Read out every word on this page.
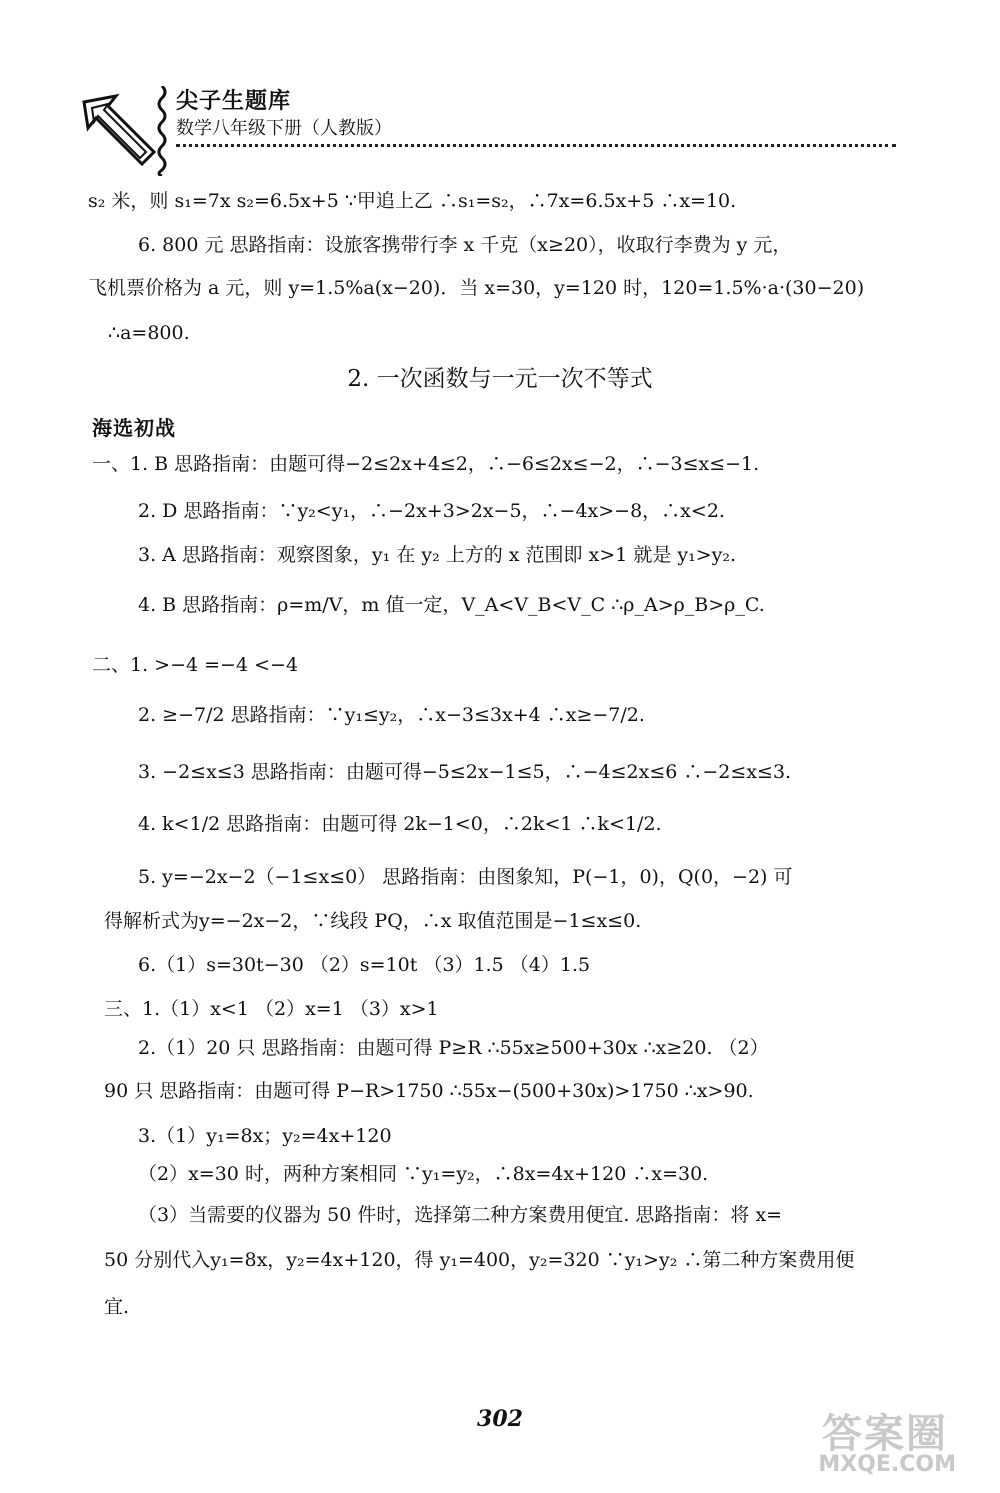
尖子生题库
数学八年级下册（人教版）
s₂ 米，则 s₁=7x s₂=6.5x+5 ∵甲追上乙 ∴s₁=s₂，∴7x=6.5x+5 ∴x=10.
6. 800 元 思路指南：设旅客携带行李 x 千克（x≥20），收取行李费为 y 元，
飞机票价格为 a 元，则 y=1.5%a(x−20)．当 x=30，y=120 时，120=1.5%·a·(30−20)
∴a=800.
2. 一次函数与一元一次不等式
海选初战
一、1. B 思路指南：由题可得−2≤2x+4≤2，∴−6≤2x≤−2，∴−3≤x≤−1.
2. D 思路指南：∵y₂<y₁，∴−2x+3>2x−5，∴−4x>−8，∴x<2.
3. A 思路指南：观察图象，y₁ 在 y₂ 上方的 x 范围即 x>1 就是 y₁>y₂.
4. B 思路指南：ρ=m/V，m 值一定，V_A<V_B<V_C ∴ρ_A>ρ_B>ρ_C.
二、1. >−4 =−4 <−4
2. ≥−7/2 思路指南：∵y₁≤y₂，∴x−3≤3x+4 ∴x≥−7/2.
3. −2≤x≤3 思路指南：由题可得−5≤2x−1≤5，∴−4≤2x≤6 ∴−2≤x≤3.
4. k<1/2 思路指南：由题可得 2k−1<0，∴2k<1 ∴k<1/2.
5. y=−2x−2（−1≤x≤0） 思路指南：由图象知，P(−1，0)，Q(0，−2) 可
得解析式为y=−2x−2，∵线段 PQ，∴x 取值范围是−1≤x≤0.
6.（1）s=30t−30 （2）s=10t （3）1.5 （4）1.5
三、1.（1）x<1 （2）x=1 （3）x>1
2.（1）20 只 思路指南：由题可得 P≥R ∴55x≥500+30x ∴x≥20. （2）
90 只 思路指南：由题可得 P−R>1750 ∴55x−(500+30x)>1750 ∴x>90.
3.（1）y₁=8x；y₂=4x+120
（2）x=30 时，两种方案相同 ∵y₁=y₂，∴8x=4x+120 ∴x=30.
（3）当需要的仪器为 50 件时，选择第二种方案费用便宜. 思路指南：将 x=
50 分别代入y₁=8x，y₂=4x+120，得 y₁=400，y₂=320 ∵y₁>y₂ ∴第二种方案费用便
宜.
302	答案圈
MXQE.COM
